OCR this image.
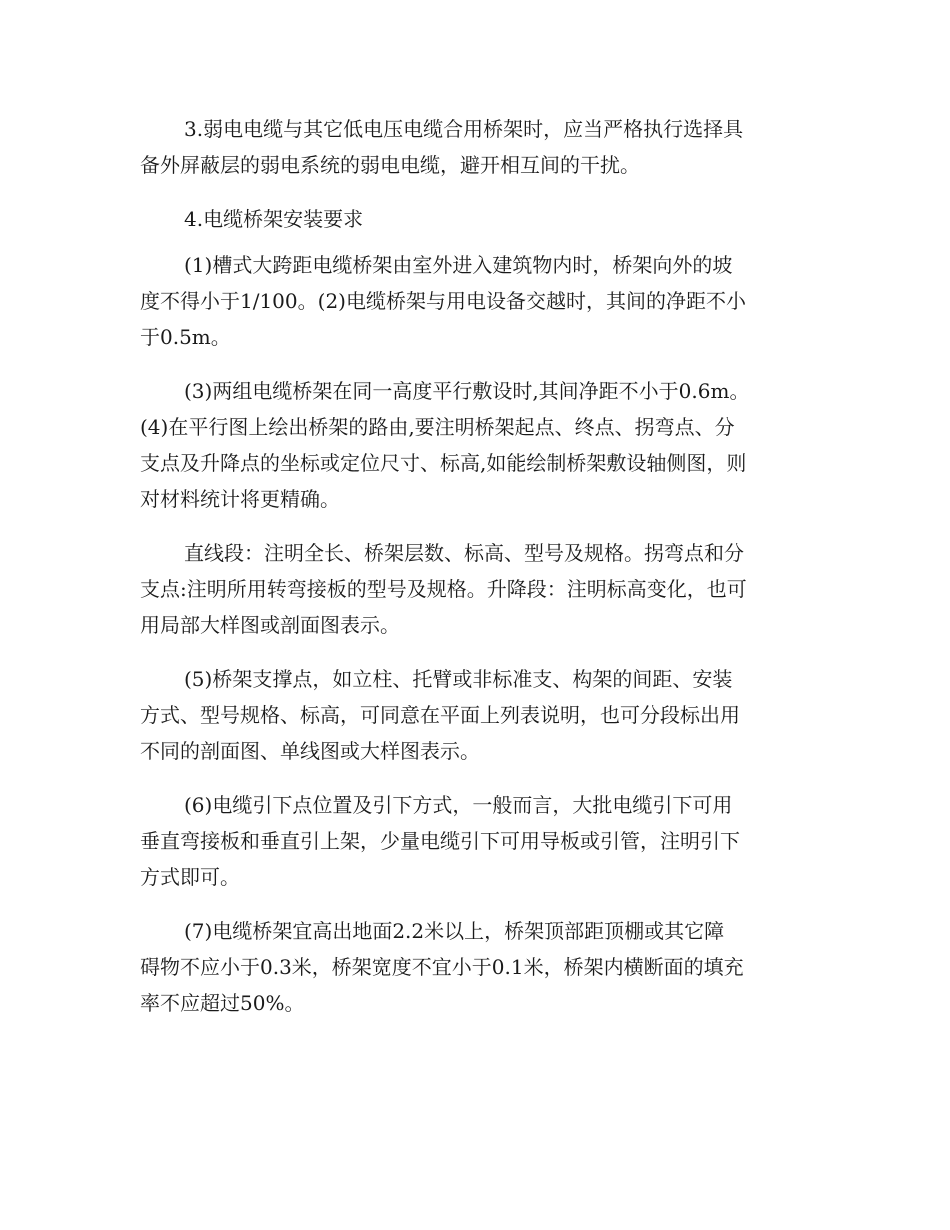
3.弱电电缆与其它低电压电缆合用桥架时，应当严格执行选择具
备外屏蔽层的弱电系统的弱电电缆，避开相互间的干扰。

4.电缆桥架安装要求

(1)槽式大跨距电缆桥架由室外进入建筑物内时，桥架向外的坡
度不得小于1/100。(2)电缆桥架与用电设备交越时，其间的净距不小
于0.5m。

(3)两组电缆桥架在同一高度平行敷设时,其间净距不小于0.6m。
(4)在平行图上绘出桥架的路由,要注明桥架起点、终点、拐弯点、分
支点及升降点的坐标或定位尺寸、标高,如能绘制桥架敷设轴侧图，则
对材料统计将更精确。

直线段：注明全长、桥架层数、标高、型号及规格。拐弯点和分
支点:注明所用转弯接板的型号及规格。升降段：注明标高变化，也可
用局部大样图或剖面图表示。

(5)桥架支撑点，如立柱、托臂或非标准支、构架的间距、安装
方式、型号规格、标高，可同意在平面上列表说明，也可分段标出用
不同的剖面图、单线图或大样图表示。

(6)电缆引下点位置及引下方式，一般而言，大批电缆引下可用
垂直弯接板和垂直引上架，少量电缆引下可用导板或引管，注明引下
方式即可。

(7)电缆桥架宜高出地面2.2米以上，桥架顶部距顶棚或其它障
碍物不应小于0.3米，桥架宽度不宜小于0.1米，桥架内横断面的填充
率不应超过50%。
